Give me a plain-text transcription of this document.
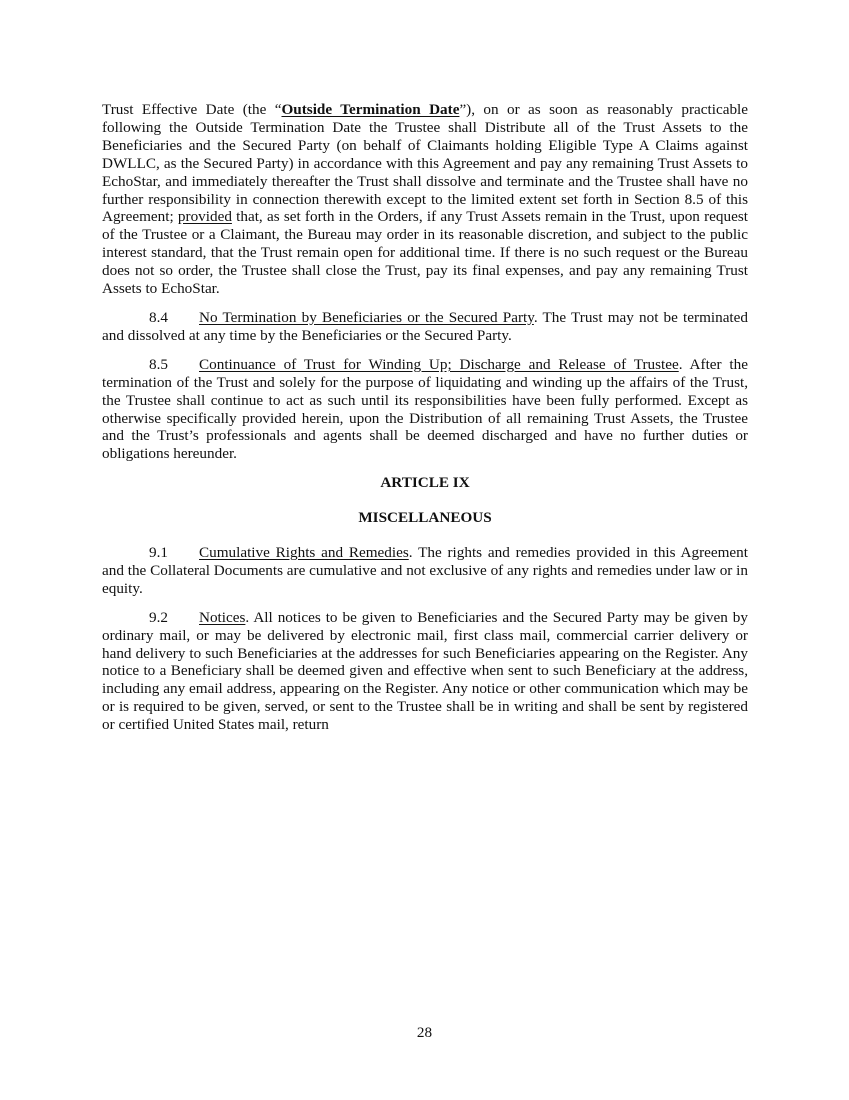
Trust Effective Date (the “Outside Termination Date”), on or as soon as reasonably practicable following the Outside Termination Date the Trustee shall Distribute all of the Trust Assets to the Beneficiaries and the Secured Party (on behalf of Claimants holding Eligible Type A Claims against DWLLC, as the Secured Party) in accordance with this Agreement and pay any remaining Trust Assets to EchoStar, and immediately thereafter the Trust shall dissolve and terminate and the Trustee shall have no further responsibility in connection therewith except to the limited extent set forth in Section 8.5 of this Agreement; provided that, as set forth in the Orders, if any Trust Assets remain in the Trust, upon request of the Trustee or a Claimant, the Bureau may order in its reasonable discretion, and subject to the public interest standard, that the Trust remain open for additional time. If there is no such request or the Bureau does not so order, the Trustee shall close the Trust, pay its final expenses, and pay any remaining Trust Assets to EchoStar.

8.4 No Termination by Beneficiaries or the Secured Party. The Trust may not be terminated and dissolved at any time by the Beneficiaries or the Secured Party.

8.5 Continuance of Trust for Winding Up; Discharge and Release of Trustee. After the termination of the Trust and solely for the purpose of liquidating and winding up the affairs of the Trust, the Trustee shall continue to act as such until its responsibilities have been fully performed. Except as otherwise specifically provided herein, upon the Distribution of all remaining Trust Assets, the Trustee and the Trust’s professionals and agents shall be deemed discharged and have no further duties or obligations hereunder.

ARTICLE IX
MISCELLANEOUS

9.1 Cumulative Rights and Remedies. The rights and remedies provided in this Agreement and the Collateral Documents are cumulative and not exclusive of any rights and remedies under law or in equity.

9.2 Notices. All notices to be given to Beneficiaries and the Secured Party may be given by ordinary mail, or may be delivered by electronic mail, first class mail, commercial carrier delivery or hand delivery to such Beneficiaries at the addresses for such Beneficiaries appearing on the Register. Any notice to a Beneficiary shall be deemed given and effective when sent to such Beneficiary at the address, including any email address, appearing on the Register. Any notice or other communication which may be or is required to be given, served, or sent to the Trustee shall be in writing and shall be sent by registered or certified United States mail, return

28
